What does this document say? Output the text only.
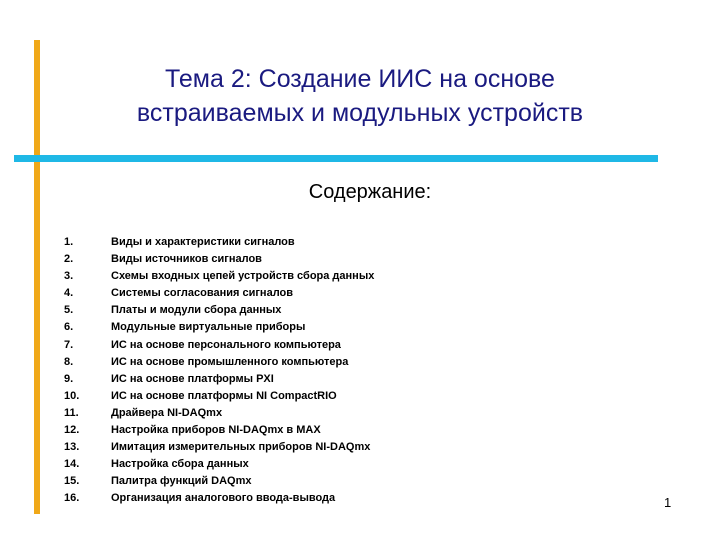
Тема 2: Создание ИИС на основе
встраиваемых и модульных устройств
Содержание:
1.	Виды и характеристики сигналов
2.	Виды источников сигналов
3.	Схемы входных цепей устройств сбора данных
4.	Системы согласования сигналов
5.	Платы и модули сбора данных
6.	Модульные виртуальные приборы
7.	ИС на основе персонального компьютера
8.	ИС на основе промышленного компьютера
9.	ИС на основе платформы PXI
10.	ИС на основе платформы NI CompactRIO
11.	Драйвера NI-DAQmx
12.	Настройка приборов NI-DAQmx в MAX
13.	Имитация измерительных приборов NI-DAQmx
14.	Настройка сбора данных
15.	Палитра функций DAQmx
16.	Организация аналогового ввода-вывода	1
